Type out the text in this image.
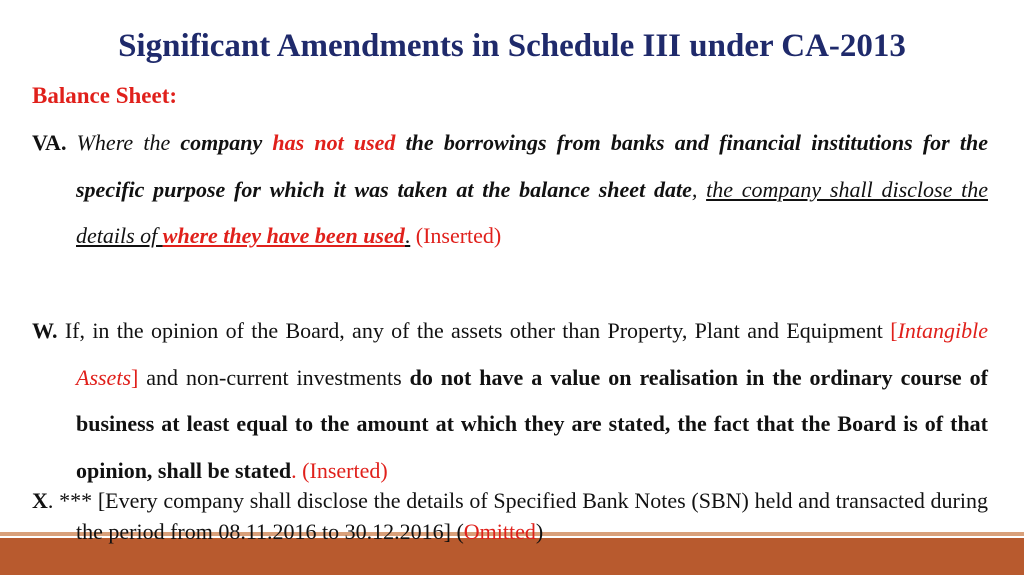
Significant Amendments in Schedule III under CA-2013
Balance Sheet:
VA. Where the company has not used the borrowings from banks and financial institutions for the specific purpose for which it was taken at the balance sheet date, the company shall disclose the details of where they have been used. (Inserted)
W. If, in the opinion of the Board, any of the assets other than Property, Plant and Equipment [Intangible Assets] and non-current investments do not have a value on realisation in the ordinary course of business at least equal to the amount at which they are stated, the fact that the Board is of that opinion, shall be stated. (Inserted)
X. *** [Every company shall disclose the details of Specified Bank Notes (SBN) held and transacted during the period from 08.11.2016 to 30.12.2016] (Omitted)
